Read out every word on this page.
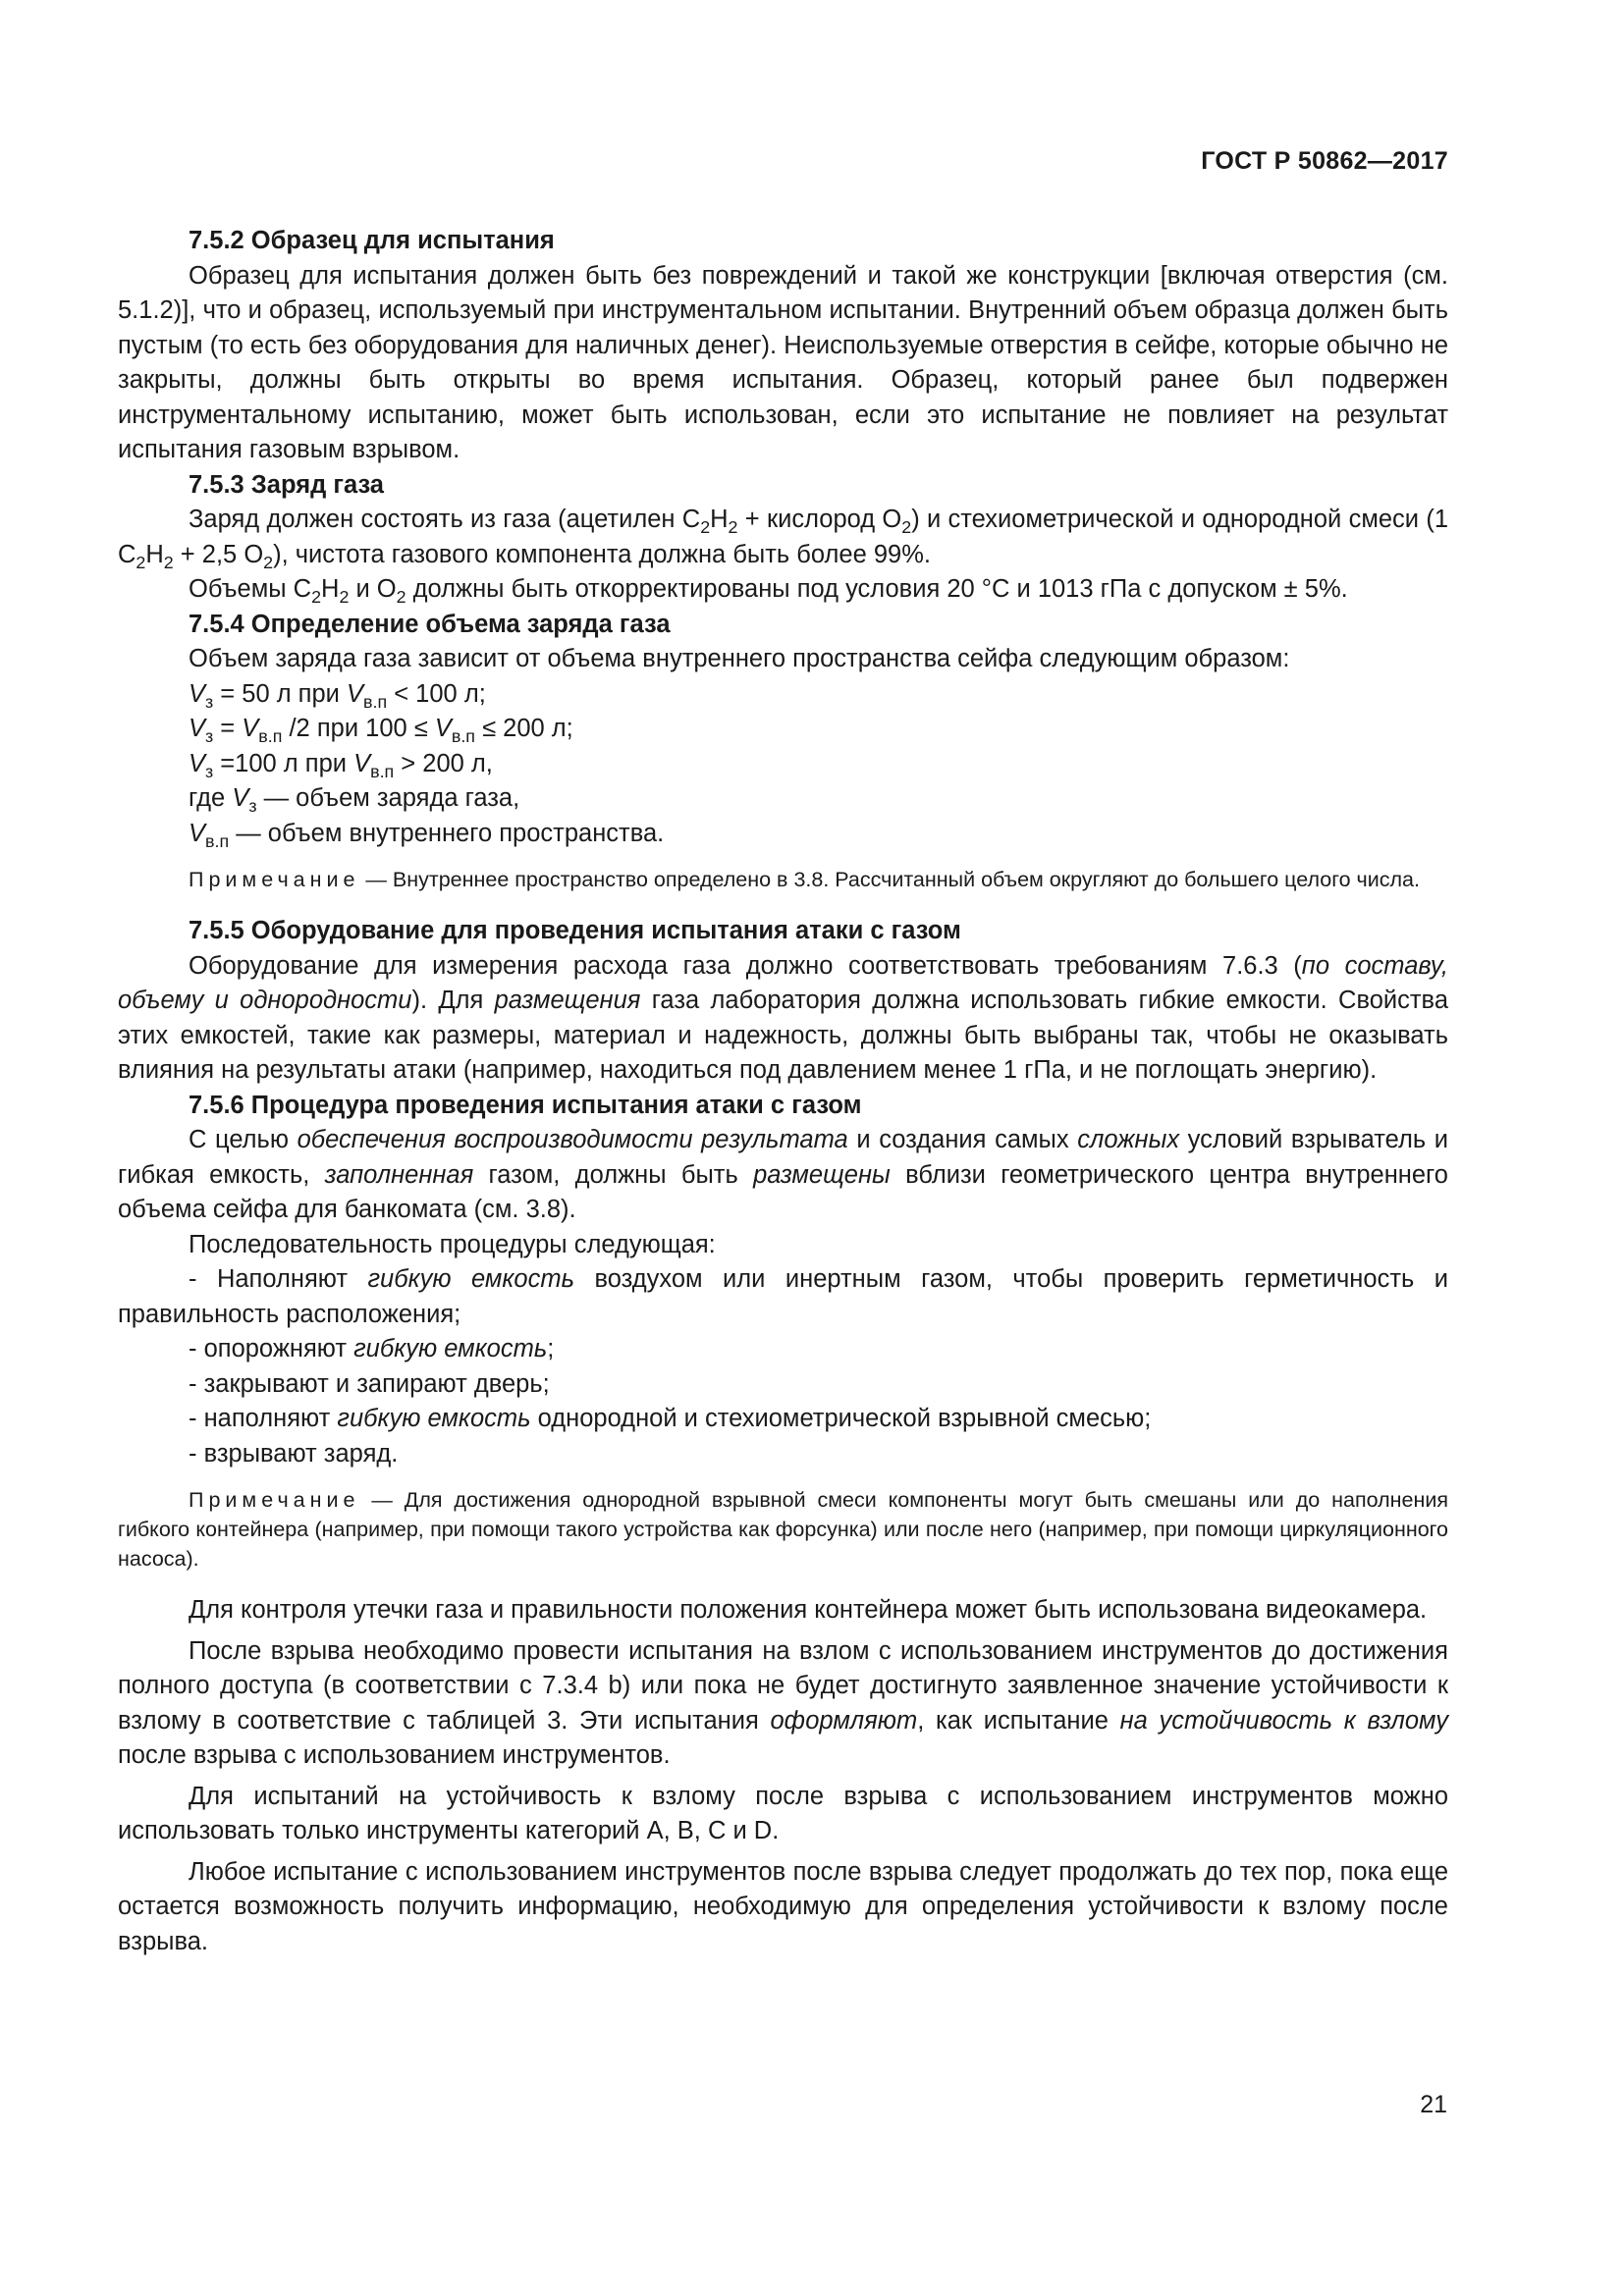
ГОСТ Р 50862—2017

7.5.2 Образец для испытания

Образец для испытания должен быть без повреждений и такой же конструкции [включая отверстия (см. 5.1.2)], что и образец, используемый при инструментальном испытании. Внутренний объем образца должен быть пустым (то есть без оборудования для наличных денег). Неиспользуемые отверстия в сейфе, которые обычно не закрыты, должны быть открыты во время испытания. Образец, который ранее был подвержен инструментальному испытанию, может быть использован, если это испытание не повлияет на результат испытания газовым взрывом.

7.5.3 Заряд газа

Заряд должен состоять из газа (ацетилен $C_2H_2$ + кислород $O_2$) и стехиометрической и однородной смеси (1 $C_2H_2 + 2,5$ $O_2$), чистота газового компонента должна быть более 99%.

Объемы $C_2H_2$ и $O_2$ должны быть откорректированы под условия 20 °С и 1013 гПа с допуском ± 5%.

7.5.4 Определение объема заряда газа

Объем заряда газа зависит от объема внутреннего пространства сейфа следующим образом:

$V_з = 50$ л при $V_{в.п} < 100$ л;

$V_з = V_{в.п}$ /2 при $100 \le V_{в.п} \le 200$ л;

$V_з =100$ л при $V_{в.п} > 200$ л,

где $V_з$ — объем заряда газа,

$V_{в.п}$ — объем внутреннего пространства.

Примечание — Внутреннее пространство определено в 3.8. Рассчитанный объем округляют до большего целого числа.

7.5.5 Оборудование для проведения испытания атаки с газом

Оборудование для измерения расхода газа должно соответствовать требованиям 7.6.3 (по составу, объему и однородности). Для размещения газа лаборатория должна использовать гибкие емкости. Свойства этих емкостей, такие как размеры, материал и надежность, должны быть выбраны так, чтобы не оказывать влияния на результаты атаки (например, находиться под давлением менее 1 гПа, и не поглощать энергию).

7.5.6 Процедура проведения испытания атаки с газом

С целью обеспечения воспроизводимости результата и создания самых сложных условий взрыватель и гибкая емкость, заполненная газом, должны быть размещены вблизи геометрического центра внутреннего объема сейфа для банкомата (см. 3.8).

Последовательность процедуры следующая:

- Наполняют гибкую емкость воздухом или инертным газом, чтобы проверить герметичность и правильность расположения;

- опорожняют гибкую емкость;

- закрывают и запирают дверь;

- наполняют гибкую емкость однородной и стехиометрической взрывной смесью;

- взрывают заряд.

Примечание — Для достижения однородной взрывной смеси компоненты могут быть смешаны или до наполнения гибкого контейнера (например, при помощи такого устройства как форсунка) или после него (например, при помощи циркуляционного насоса).

Для контроля утечки газа и правильности положения контейнера может быть использована видеокамера.

После взрыва необходимо провести испытания на взлом с использованием инструментов до достижения полного доступа (в соответствии с 7.3.4 b) или пока не будет достигнуто заявленное значение устойчивости к взлому в соответствие с таблицей 3. Эти испытания оформляют, как испытание на устойчивость к взлому после взрыва с использованием инструментов.

Для испытаний на устойчивость к взлому после взрыва с использованием инструментов можно использовать только инструменты категорий А, В, С и D.

Любое испытание с использованием инструментов после взрыва следует продолжать до тех пор, пока еще остается возможность получить информацию, необходимую для определения устойчивости к взлому после взрыва.

21
